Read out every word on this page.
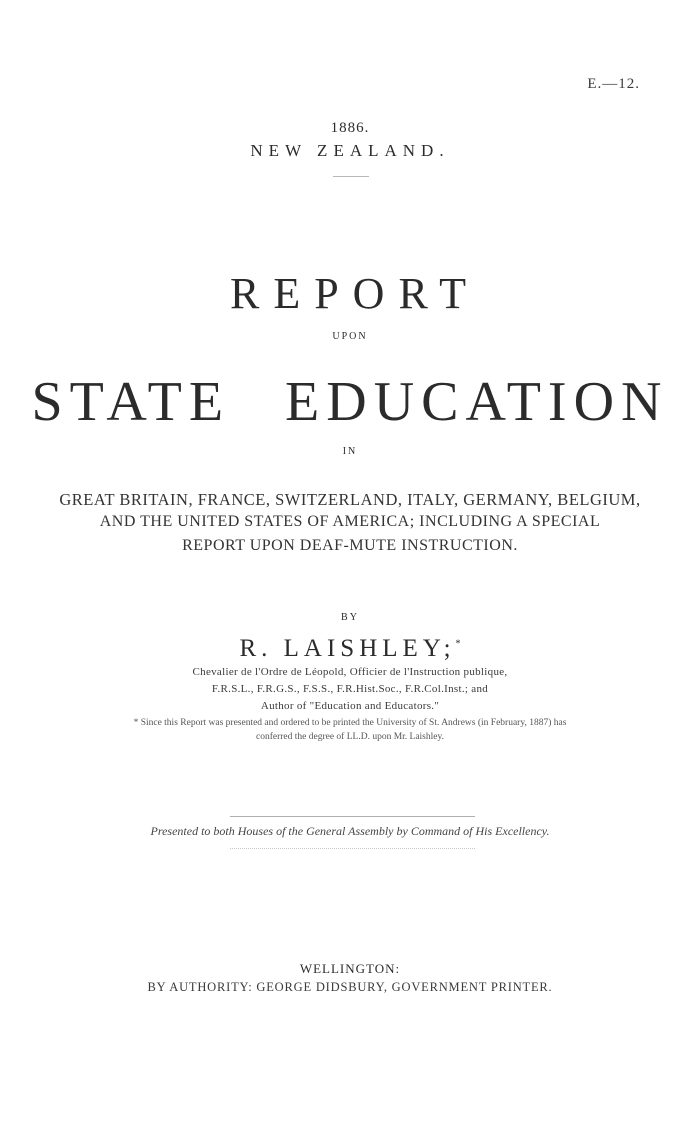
E.—12.

1886.

NEW ZEALAND.

REPORT

UPON

STATE EDUCATION

IN

GREAT BRITAIN, FRANCE, SWITZERLAND, ITALY, GERMANY, BELGIUM,

AND THE UNITED STATES OF AMERICA; INCLUDING A SPECIAL

REPORT UPON DEAF-MUTE INSTRUCTION.

BY

R. LAISHLEY;*

Chevalier de l'Ordre de Léopold, Officier de l'Instruction publique,

F.R.S.L., F.R.G.S., F.S.S., F.R.Hist.Soc., F.R.Col.Inst.; and

Author of "Education and Educators."

* Since this Report was presented and ordered to be printed the University of St. Andrews (in February, 1887) has

conferred the degree of LL.D. upon Mr. Laishley.

Presented to both Houses of the General Assembly by Command of His Excellency.

WELLINGTON:

BY AUTHORITY: GEORGE DIDSBURY, GOVERNMENT PRINTER.
